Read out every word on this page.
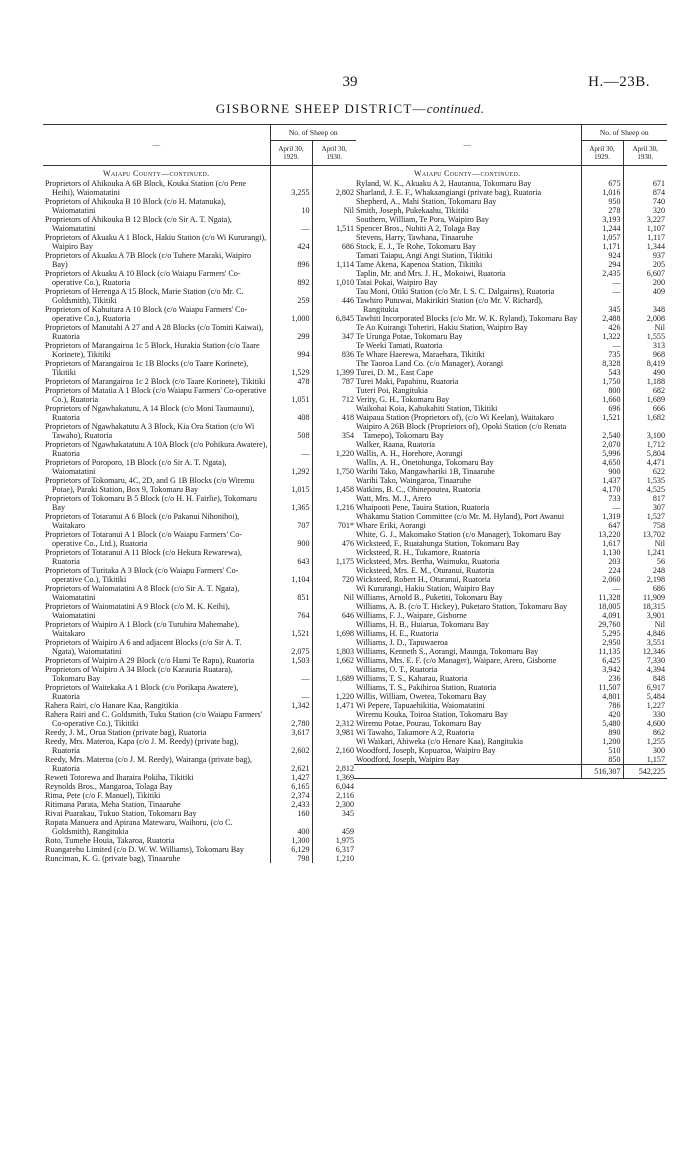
39	H.—23B.
GISBORNE SHEEP DISTRICT—continued.
—	No. of Sheep on	
	April 30, 1929.	April 30, 1930.
Waiapu County—continued.		
Proprietors of Ahikouka A 6B Block, Kouka Station (c/o Pene Heihi), Waiomatatini	3,255	2,802
Proprietors of Ahikouka B 10 Block (c/o H. Matanuka), Waiomatatini	10	Nil
Proprietors of Ahikouka B 12 Block (c/o Sir A. T. Ngata), Waiomatatini	—	1,511
Proprietors of Akuaku A 1 Block, Hakiu Station (c/o Wi Kururangi), Waipiro Bay	424	686
Proprietors of Akuaku A 7B Block (c/o Tuhere Maraki, Waipiro Bay)	896	1,114
Proprietors of Akuaku A 10 Block (c/o Waiapu Farmers' Co-operative Co.), Ruatoria	892	1,010
Proprietors of Herenga A 15 Block, Marie Station (c/o Mr. C. Goldsmith), Tikitiki	259	446
Proprietors of Kahuitara A 10 Block (c/o Waiapu Farmers' Co-operative Co.), Ruatoria	1,000	6,845
Proprietors of Manutahi A 27 and A 28 Blocks (c/o Tomiti Kaiwai), Ruatoria	299	347
Proprietors of Marangairoa 1c 5 Block, Hurakia Station (c/o Taare Korinete), Tikitiki	994	836
Proprietors of Marangairoa 1c 1B Blocks (c/o Taare Korinete), Tikitiki	1,529	1,399
Proprietors of Marangairoa 1c 2 Block (c/o Taare Korinete), Tikitiki	478	787
Proprietors of Mataiia A 1 Block (c/o Waiapu Farmers' Co-operative Co.), Ruatoria	1,051	712
Proprietors of Ngawhakatutu, A 14 Block (c/o Moni Taumaunu), Ruatoria	408	418
Proprietors of Ngawhakatutu A 3 Block, Kia Ora Station (c/o Wi Tawaho), Ruatoria	508	354
Proprietors of Ngawhakatatutu A 10A Block (c/o Pohikura Awatere), Ruatoria	—	1,220
Proprietors of Poroporo, 1B Block (c/o Sir A. T. Ngata), Waiomatatini	1,292	1,750
Proprietors of Tokomaru, 4C, 2D, and G 1B Blocks (c/o Wiremu Potae), Paraki Station, Box 9, Tokomaru Bay	1,015	1,458
Proprietors of Tokomaru B 5 Block (c/o H. H. Fairlie), Tokomaru Bay	1,365	1,216
Proprietors of Totaranui A 6 Block (c/o Pakanui Nihonihoi), Waitakaro	707	701*
Proprietors of Totaranui A 1 Block (c/o Waiapu Farmers' Co-operative Co., Ltd.), Ruatoria	900	476
Proprietors of Totaranui A 11 Block (c/o Hekura Rewarewa), Ruatoria	643	1,175
Proprietors of Turitaka A 3 Block (c/o Waiapu Farmers' Co-operative Co.), Tikitiki	1,104	720
Proprietors of Waiomatatini A 8 Block (c/o Sir A. T. Ngata), Waiomatatini	851	Nil
Proprietors of Waiomatatini A 9 Block (c/o M. K. Keihi), Waiomatatini	764	646
Proprietors of Waipiro A 1 Block (c/o Turuhira Mahemahe), Waitakaro	1,521	1,698
Proprietors of Waipiro A 6 and adjacent Blocks (c/o Sir A. T. Ngata), Waiomatatini	2,075	1,803
Proprietors of Waipiro A 29 Block (c/o Hami Te Rapu), Ruatoria	1,503	1,662
Proprietors of Waipiro A 34 Block (c/o Karauria Ruatara), Tokomaru Bay	—	1,689
Proprietors of Waitekaka A 1 Block (c/o Porikapa Awatere), Ruatoria	—	1,220
Rahera Rairi, c/o Hanare Kaa, Rangitikia	1,342	1,471
Rahera Rairi and C. Goldsmith, Tuku Station (c/o Waiapu Farmers' Co-operative Co.), Tikitiki	2,780	2,312
Reedy, J. M., Orua Station (private bag), Ruatoria	3,617	3,981
Reedy, Mrs. Materoa, Kapa (c/o J. M. Reedy) (private bag), Ruatoria	2,602	2,160
Reedy, Mrs. Materoa (c/o J. M. Reedy), Wairanga (private bag), Ruatoria	2,621	2,812
Reweti Totorewa and Iharaira Pokiha, Tikitiki	1,427	1,369
Reynolds Bros., Mangaroa, Tolaga Bay	6,165	6,044
Rima, Pete (c/o F. Manuel), Tikitiki	2,374	2,116
Ritimana Parata, Meha Station, Tinaaruhe	2,433	2,300
Rivai Puarakau, Tukuo Station, Tokomaru Bay	160	345
Ropata Manuera and Apirana Matewaru, Waihoru, (c/o C. Goldsmith), Rangitukia	400	459
Roto, Tumehe Houia, Takaroa, Ruatoria	1,300	1,975
Ruangarehu Limited (c/o D. W. W. Williams), Tokomaru Bay	6,129	6,317
Runciman, K. G. (private bag), Tinaaruhe	798	1,210
—	No. of Sheep on	
	April 30, 1929.	April 30, 1930.
Waiapu County—continued.		
Ryland, W. K., Akuaku A 2, Hautanoa, Tokomaru Bay	675	671
Sharland, J. E. F., Whakaangiangi (private bag), Ruatoria	1,016	874
Shepherd, A., Mahi Station, Tokomaru Bay	950	740
Smith, Joseph, Pukekaahu, Tikitiki	278	320
Southern, William, Te Pora, Waipiro Bay	3,193	3,227
Spencer Bros., Nuhiti A 2, Tolaga Bay	1,244	1,107
Stevens, Harry, Tawhana, Tinaaruhe	1,057	1,117
Stock, E. J., Te Rohe, Tokomaru Bay	1,171	1,344
Tamati Taiapu, Angi Angi Station, Tikitiki	924	937
Tame Akena, Kapenoa Station, Tikitiki	294	205
Taplin, Mr. and Mrs. J. H., Mokoiwi, Ruatoria	2,435	6,607
Tatai Pokai, Waipiro Bay	—	200
Tau Moni, Otiki Station (c/o Mr. I. S. C. Dalgairns), Ruatoria	—	409
Tawhiro Putuwai, Makirikiri Station (c/o Mr. V. Richard), Rangitukia	345	348
Tawhiti Incorporated Blocks (c/o Mr. W. K. Ryland), Tokomaru Bay	2,488	2,008
Te Ao Kuirangi Toheriri, Hakiu Station, Waipiro Bay	426	Nil
Te Urunga Potae, Tokomaru Bay	1,322	1,555
Te Weeki Tamati, Ruatoria	—	313
Te Whare Haerewa, Maraehara, Tikitiki	735	968
The Taoroa Land Co. (c/o Manager), Aorangi	8,328	8,419
Turei, D. M., East Cape	543	490
Turei Maki, Papahinu, Ruatoria	1,750	1,188
Tuteri Poi, Rangitukia	800	682
Verity, G. H., Tokomaru Bay	1,660	1,689
Waikohai Koia, Kahukahiti Station, Tikitiki	696	666
Waipaua Station (Proprietors of), (c/o Wi Keelan), Waitakaro	1,521	1,682
Waipiro A 26B Block (Proprietors of), Opoki Station (c/o Renata Tamepo), Tokomaru Bay	2,540	3,100
Walker, Raana, Ruatoria	2,070	1,712
Wallis, A. H., Horehore, Aorangi	5,996	5,804
Wallis, A. H., Onetohunga, Tokomaru Bay	4,650	4,471
Warihi Tako, Mangawhariki 1B, Tinaaruhe	900	622
Warihi Tako, Waingaroa, Tinaaruhe	1,437	1,535
Watkins, B. C., Ohinepoutea, Ruatoria	4,170	4,525
Watt, Mrs. M. J., Arero	733	817
Whaipooti Pene, Tauira Station, Ruatoria	—	307
Whakamu Station Committee (c/o Mr. M. Hyland), Port Awanui	1,319	1,527
Whare Eriki, Aorangi	647	758
White, G. J., Makomako Station (c/o Manager), Tokomaru Bay	13,220	13,702
Wicksteed, F., Ruatahunga Station, Tokomaru Bay	1,617	Nil
Wicksteed, R. H., Tukamore, Ruatoria	1,130	1,241
Wicksteed, Mrs. Bertha, Waimuku, Ruatoria	203	56
Wicksteed, Mrs. E. M., Oturanui, Ruatoria	224	248
Wicksteed, Robert H., Oturanui, Ruatoria	2,060	2,198
Wi Kururangi, Hakiu Station, Waipiro Bay	—	686
Williams, Arnold B., Puketiti, Tokomaru Bay	11,328	11,909
Williams, A. B. (c/o T. Hickey), Puketaro Station, Tokomaru Bay	18,005	18,315
Williams, F. J., Waipare, Gisborne	4,091	3,901
Williams, H. B., Huiarua, Tokomaru Bay	29,760	Nil
Williams, H. E., Ruatoria	5,295	4,846
Williams, J. D., Tapuwaeroa	2,950	3,551
Williams, Kenneth S., Aorangi, Maunga, Tokomaru Bay	11,135	12,346
Williams, Mrs. E. F. (c/o Manager), Waipare, Arero, Gisborne	6,425	7,330
Williams, O. T., Ruatoria	3,942	4,394
Williams, T. S., Kaharau, Ruatoria	236	848
Williams, T. S., Pakihiroa Station, Ruatoria	11,507	6,917
Willis, William, Owetea, Tokomaru Bay	4,801	5,484
Wi Pepere, Tapuaehikitia, Waiomatatini	786	1,227
Wiremu Kouka, Toiroa Station, Tokomaru Bay	420	330
Wiremu Potae, Pourau, Tokomaru Bay	5,480	4,600
Wi Tawaho, Takamore A 2, Ruatoria	890	862
Wi Waikari, Ahiweka (c/o Henare Kaa), Rangitukia	1,200	1,255
Woodford, Joseph, Kopuaroa, Waipiro Bay	510	300
Woodford, Joseph, Waipiro Bay	850	1,157
	516,307	542,225
